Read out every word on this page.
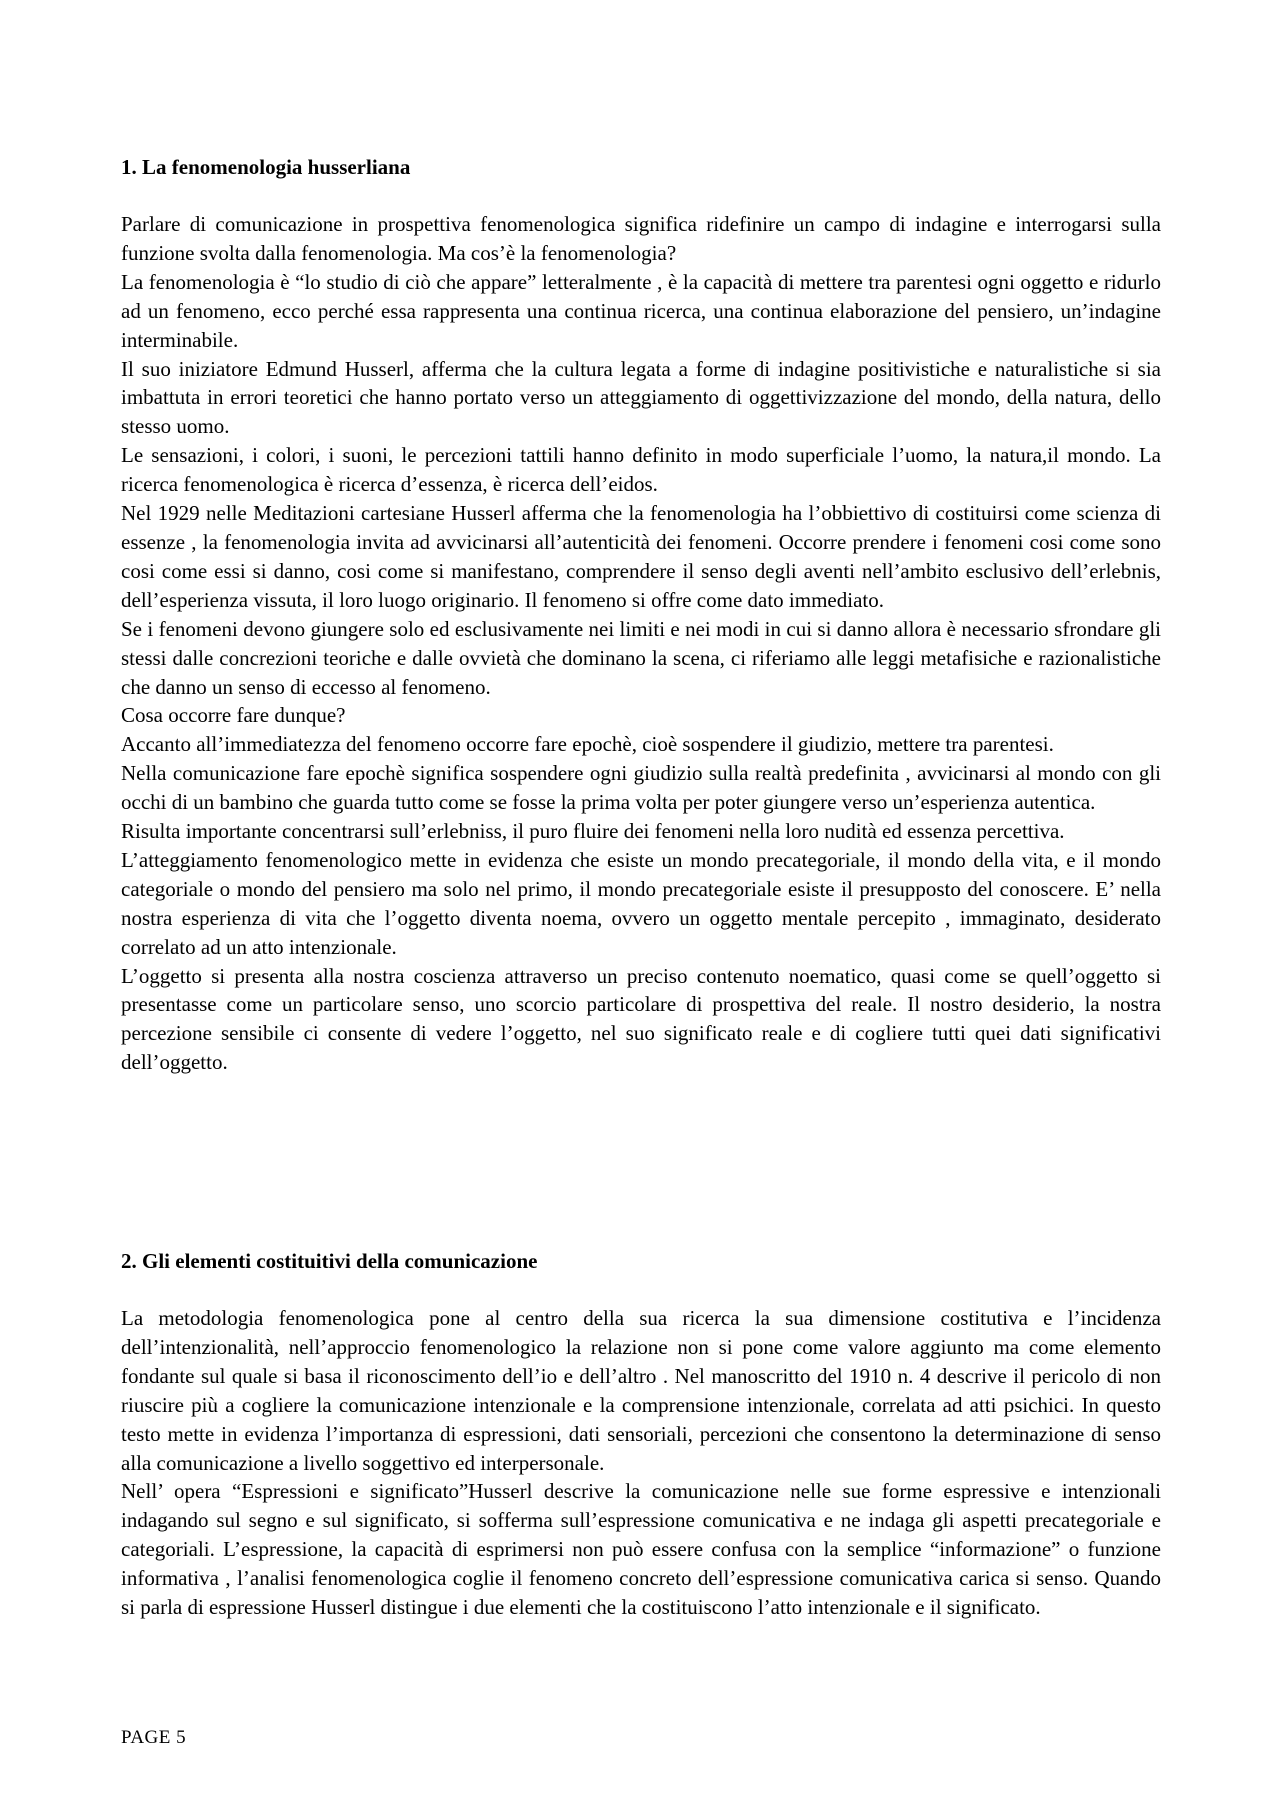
1. La fenomenologia husserliana

Parlare di comunicazione in prospettiva fenomenologica significa ridefinire un campo di indagine e interrogarsi sulla funzione svolta dalla fenomenologia. Ma cos’è la fenomenologia?

La fenomenologia è “lo studio di ciò che appare” letteralmente , è la capacità di mettere tra parentesi ogni oggetto e ridurlo ad un fenomeno, ecco perché essa rappresenta una continua ricerca, una continua elaborazione del pensiero, un’indagine interminabile.

Il suo iniziatore Edmund Husserl, afferma che la cultura legata a forme di indagine positivistiche e naturalistiche si sia imbattuta in errori teoretici che hanno portato verso un atteggiamento di oggettivizzazione del mondo, della natura, dello stesso uomo.

Le sensazioni, i colori, i suoni, le percezioni tattili hanno definito in modo superficiale l’uomo, la natura,il mondo. La ricerca fenomenologica è ricerca d’essenza, è ricerca dell’eidos.

Nel 1929 nelle Meditazioni cartesiane Husserl afferma che la fenomenologia ha l’obbiettivo di costituirsi come scienza di essenze , la fenomenologia invita ad avvicinarsi all’autenticità dei fenomeni. Occorre prendere i fenomeni cosi come sono cosi come essi si danno, cosi come si manifestano, comprendere il senso degli aventi nell’ambito esclusivo dell’erlebnis, dell’esperienza vissuta, il loro luogo originario. Il fenomeno si offre come dato immediato.

Se i fenomeni devono giungere solo ed esclusivamente nei limiti e nei modi in cui si danno allora è necessario sfrondare gli stessi dalle concrezioni teoriche e dalle ovvietà che dominano la scena, ci riferiamo alle leggi metafisiche e razionalistiche che danno un senso di eccesso al fenomeno.

Cosa occorre fare dunque?

Accanto all’immediatezza del fenomeno occorre fare epochè, cioè sospendere il giudizio, mettere tra parentesi.

Nella comunicazione fare epochè significa sospendere ogni giudizio sulla realtà predefinita , avvicinarsi al mondo con gli occhi di un bambino che guarda tutto come se fosse la prima volta per poter giungere verso un’esperienza autentica.

Risulta importante concentrarsi sull’erlebniss, il puro fluire dei fenomeni nella loro nudità ed essenza percettiva.

L’atteggiamento fenomenologico mette in evidenza che esiste un mondo precategoriale, il mondo della vita, e il mondo categoriale o mondo del pensiero ma solo nel primo, il mondo precategoriale esiste il presupposto del conoscere. E’ nella nostra esperienza di vita che l’oggetto diventa noema, ovvero un oggetto mentale percepito , immaginato, desiderato correlato ad un atto intenzionale.

L’oggetto si presenta alla nostra coscienza attraverso un preciso contenuto noematico, quasi come se quell’oggetto si presentasse come un particolare senso, uno scorcio particolare di prospettiva del reale. Il nostro desiderio, la nostra percezione sensibile ci consente di vedere l’oggetto, nel suo significato reale e di cogliere tutti quei dati significativi dell’oggetto.

2. Gli elementi costituitivi della comunicazione

La metodologia fenomenologica pone al centro della sua ricerca la sua dimensione costitutiva e l’incidenza dell’intenzionalità, nell’approccio fenomenologico la relazione non si pone come valore aggiunto ma come elemento fondante sul quale si basa il riconoscimento dell’io e dell’altro . Nel manoscritto del 1910 n. 4 descrive il pericolo di non riuscire più a cogliere la comunicazione intenzionale e la comprensione intenzionale, correlata ad atti psichici. In questo testo mette in evidenza l’importanza di espressioni, dati sensoriali, percezioni che consentono la determinazione di senso alla comunicazione a livello soggettivo ed interpersonale.

Nell’ opera “Espressioni e significato”Husserl descrive la comunicazione nelle sue forme espressive e intenzionali indagando sul segno e sul significato, si sofferma sull’espressione comunicativa e ne indaga gli aspetti precategoriale e categoriali. L’espressione, la capacità di esprimersi non può essere confusa con la semplice “informazione” o funzione informativa , l’analisi fenomenologica coglie il fenomeno concreto dell’espressione comunicativa carica si senso. Quando si parla di espressione Husserl distingue i due elementi che la costituiscono l’atto intenzionale e il significato.

PAGE 5
